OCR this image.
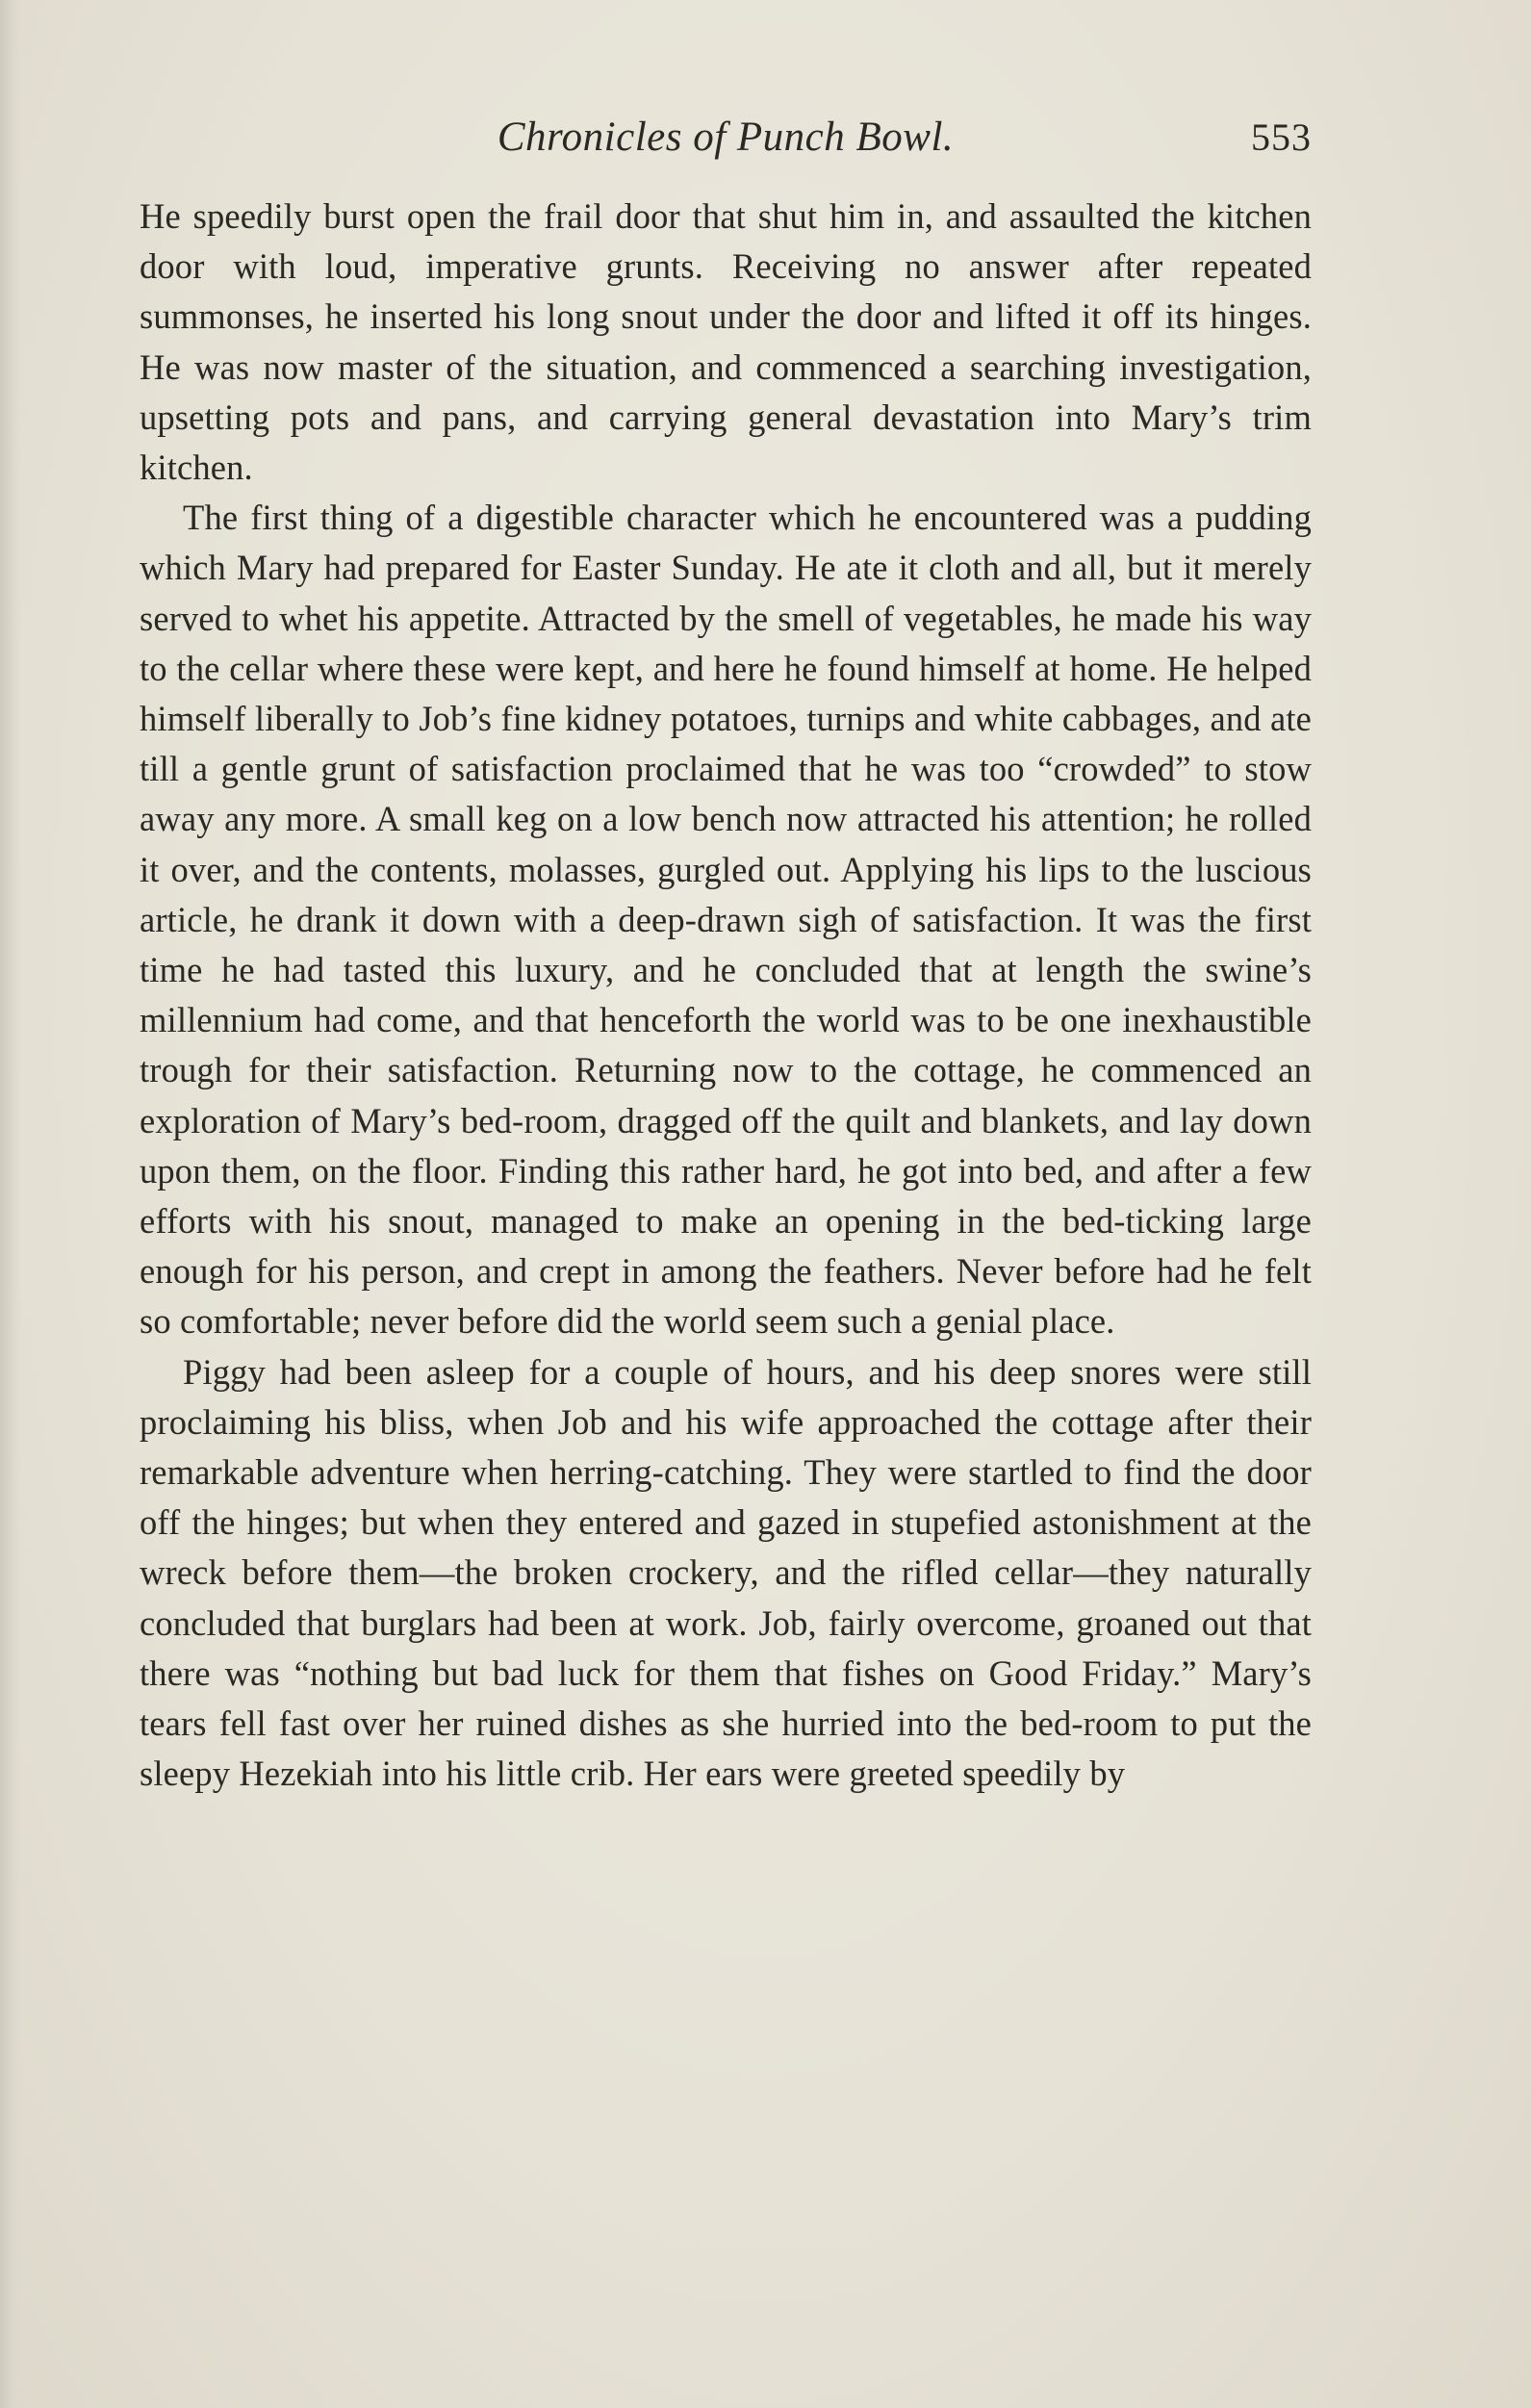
Chronicles of Punch Bowl.	553

He speedily burst open the frail door that shut him in, and assaulted the kitchen door with loud, imperative grunts. Receiving no answer after repeated summonses, he inserted his long snout under the door and lifted it off its hinges. He was now master of the situation, and commenced a searching investigation, upsetting pots and pans, and carrying general devastation into Mary’s trim kitchen.

The first thing of a digestible character which he encountered was a pudding which Mary had prepared for Easter Sunday. He ate it cloth and all, but it merely served to whet his appetite. Attracted by the smell of vegetables, he made his way to the cellar where these were kept, and here he found himself at home. He helped himself liberally to Job’s fine kidney potatoes, turnips and white cabbages, and ate till a gentle grunt of satisfaction proclaimed that he was too “crowded” to stow away any more. A small keg on a low bench now attracted his attention; he rolled it over, and the contents, molasses, gurgled out. Applying his lips to the luscious article, he drank it down with a deep-drawn sigh of satisfaction. It was the first time he had tasted this luxury, and he concluded that at length the swine’s millennium had come, and that henceforth the world was to be one inexhaustible trough for their satisfaction. Returning now to the cottage, he commenced an exploration of Mary’s bed-room, dragged off the quilt and blankets, and lay down upon them, on the floor. Finding this rather hard, he got into bed, and after a few efforts with his snout, managed to make an opening in the bed-ticking large enough for his person, and crept in among the feathers. Never before had he felt so comfortable; never before did the world seem such a genial place.

Piggy had been asleep for a couple of hours, and his deep snores were still proclaiming his bliss, when Job and his wife approached the cottage after their remarkable adventure when herring-catching. They were startled to find the door off the hinges; but when they entered and gazed in stupefied astonishment at the wreck before them—the broken crockery, and the rifled cellar—they naturally concluded that burglars had been at work. Job, fairly overcome, groaned out that there was “nothing but bad luck for them that fishes on Good Friday.” Mary’s tears fell fast over her ruined dishes as she hurried into the bed-room to put the sleepy Hezekiah into his little crib. Her ears were greeted speedily by
